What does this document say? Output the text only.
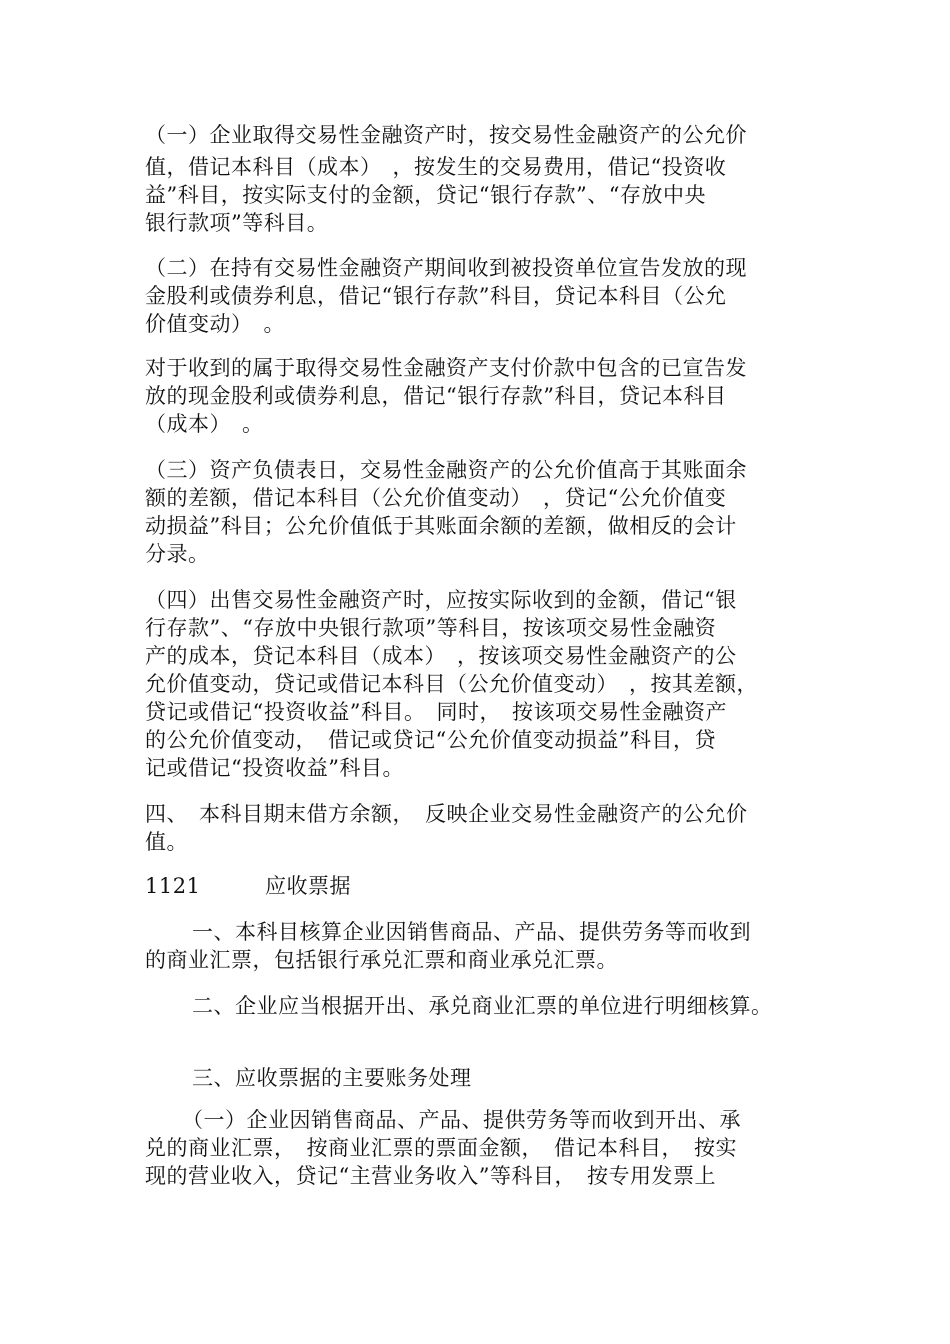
（一）企业取得交易性金融资产时，按交易性金融资产的公允价
值，借记本科目（成本）　，按发生的交易费用，借记“投资收
益”科目，按实际支付的金额，贷记“银行存款”、“存放中央
银行款项”等科目。
（二）在持有交易性金融资产期间收到被投资单位宣告发放的现
金股利或债券利息，借记“银行存款”科目，贷记本科目（公允
价值变动）　。
对于收到的属于取得交易性金融资产支付价款中包含的已宣告发
放的现金股利或债券利息，借记“银行存款”科目，贷记本科目
（成本）　。
（三）资产负债表日，交易性金融资产的公允价值高于其账面余
额的差额，借记本科目（公允价值变动）　，贷记“公允价值变
动损益”科目；公允价值低于其账面余额的差额，做相反的会计
分录。
（四）出售交易性金融资产时，应按实际收到的金额，借记“银
行存款”、“存放中央银行款项”等科目，按该项交易性金融资
产的成本，贷记本科目（成本）　，按该项交易性金融资产的公
允价值变动，贷记或借记本科目（公允价值变动）　，按其差额，
贷记或借记“投资收益”科目。　同时，　按该项交易性金融资产
的公允价值变动，　借记或贷记“公允价值变动损益”科目，贷
记或借记“投资收益”科目。
四、　本科目期末借方余额，　反映企业交易性金融资产的公允价
值。
1121　　　应收票据
一、本科目核算企业因销售商品、产品、提供劳务等而收到
的商业汇票，包括银行承兑汇票和商业承兑汇票。
二、企业应当根据开出、承兑商业汇票的单位进行明细核算。
三、应收票据的主要账务处理
（一）企业因销售商品、产品、提供劳务等而收到开出、承
兑的商业汇票，　按商业汇票的票面金额，　借记本科目，　按实
现的营业收入，贷记“主营业务收入”等科目，　按专用发票上
